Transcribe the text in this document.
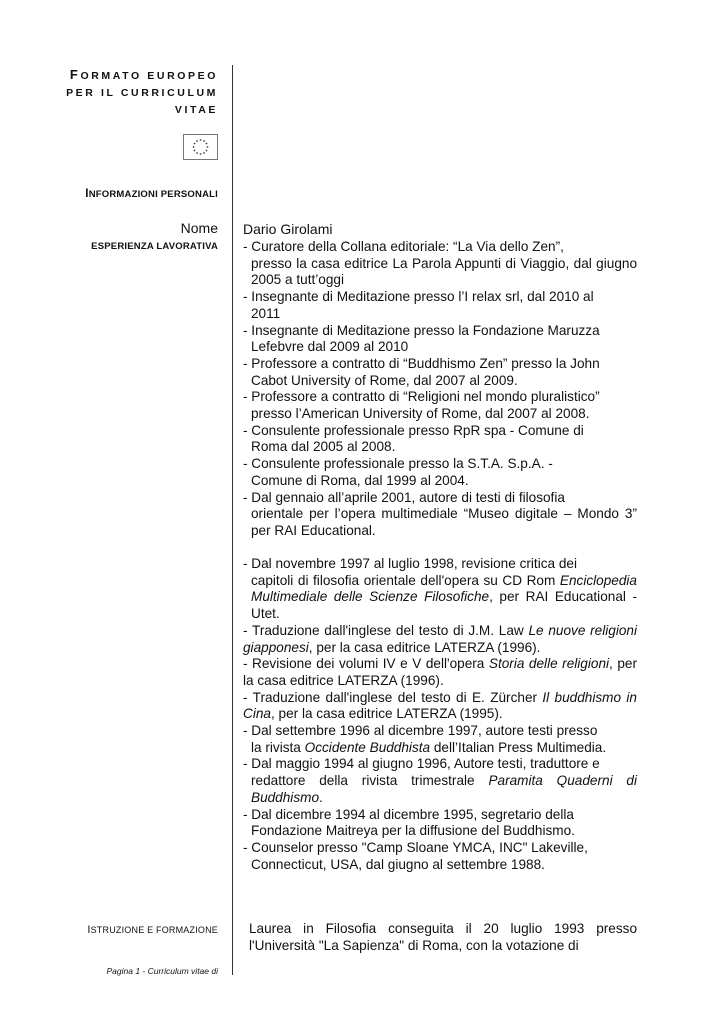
FORMATO EUROPEO
PER IL CURRICULUM
VITAE
INFORMAZIONI PERSONALI
Nome
ESPERIENZA LAVORATIVA
Dario Girolami

- Curatore della Collana editoriale: “La Via dello Zen”,
presso la casa editrice La Parola Appunti di Viaggio, dal giugno 2005 a tutt’oggi

- Insegnante di Meditazione presso l’I relax srl, dal 2010 al
2011

- Insegnante di Meditazione presso la Fondazione Maruzza
Lefebvre dal 2009 al 2010

- Professore a contratto di “Buddhismo Zen” presso la John
Cabot University of Rome, dal 2007 al 2009.

- Professore a contratto di “Religioni nel mondo pluralistico”
presso l’American University of Rome, dal 2007 al 2008.

- Consulente professionale presso RpR spa - Comune di
Roma dal 2005 al 2008.

- Consulente professionale presso la S.T.A. S.p.A. -
Comune di Roma, dal 1999 al 2004.

- Dal gennaio all’aprile 2001, autore di testi di filosofia
orientale per l’opera multimediale “Museo digitale – Mondo 3” per RAI Educational.

- Dal novembre 1997 al luglio 1998, revisione critica dei
capitoli di filosofia orientale dell'opera su CD Rom Enciclopedia Multimediale delle Scienze Filosofiche, per RAI Educational - Utet.

- Traduzione dall'inglese del testo di J.M. Law Le nuove religioni giapponesi, per la casa editrice LATERZA (1996).

- Revisione dei volumi IV e V dell'opera Storia delle religioni, per la casa editrice LATERZA (1996).

- Traduzione dall'inglese del testo di E. Zürcher Il buddhismo in Cina, per la casa editrice LATERZA (1995).

- Dal settembre 1996 al dicembre 1997, autore testi presso
la rivista Occidente Buddhista dell’Italian Press Multimedia.

- Dal maggio 1994 al giugno 1996, Autore testi, traduttore e
redattore della rivista trimestrale Paramita Quaderni di Buddhismo.

- Dal dicembre 1994 al dicembre 1995, segretario della
Fondazione Maitreya per la diffusione del Buddhismo.

- Counselor presso "Camp Sloane YMCA, INC" Lakeville,
Connecticut, USA, dal giugno al settembre 1988.

ISTRUZIONE E FORMAZIONE Laurea in Filosofia conseguita il 20 luglio 1993 presso l'Università "La Sapienza" di Roma, con la votazione di

Pagina 1 - Curriculum vitae di
